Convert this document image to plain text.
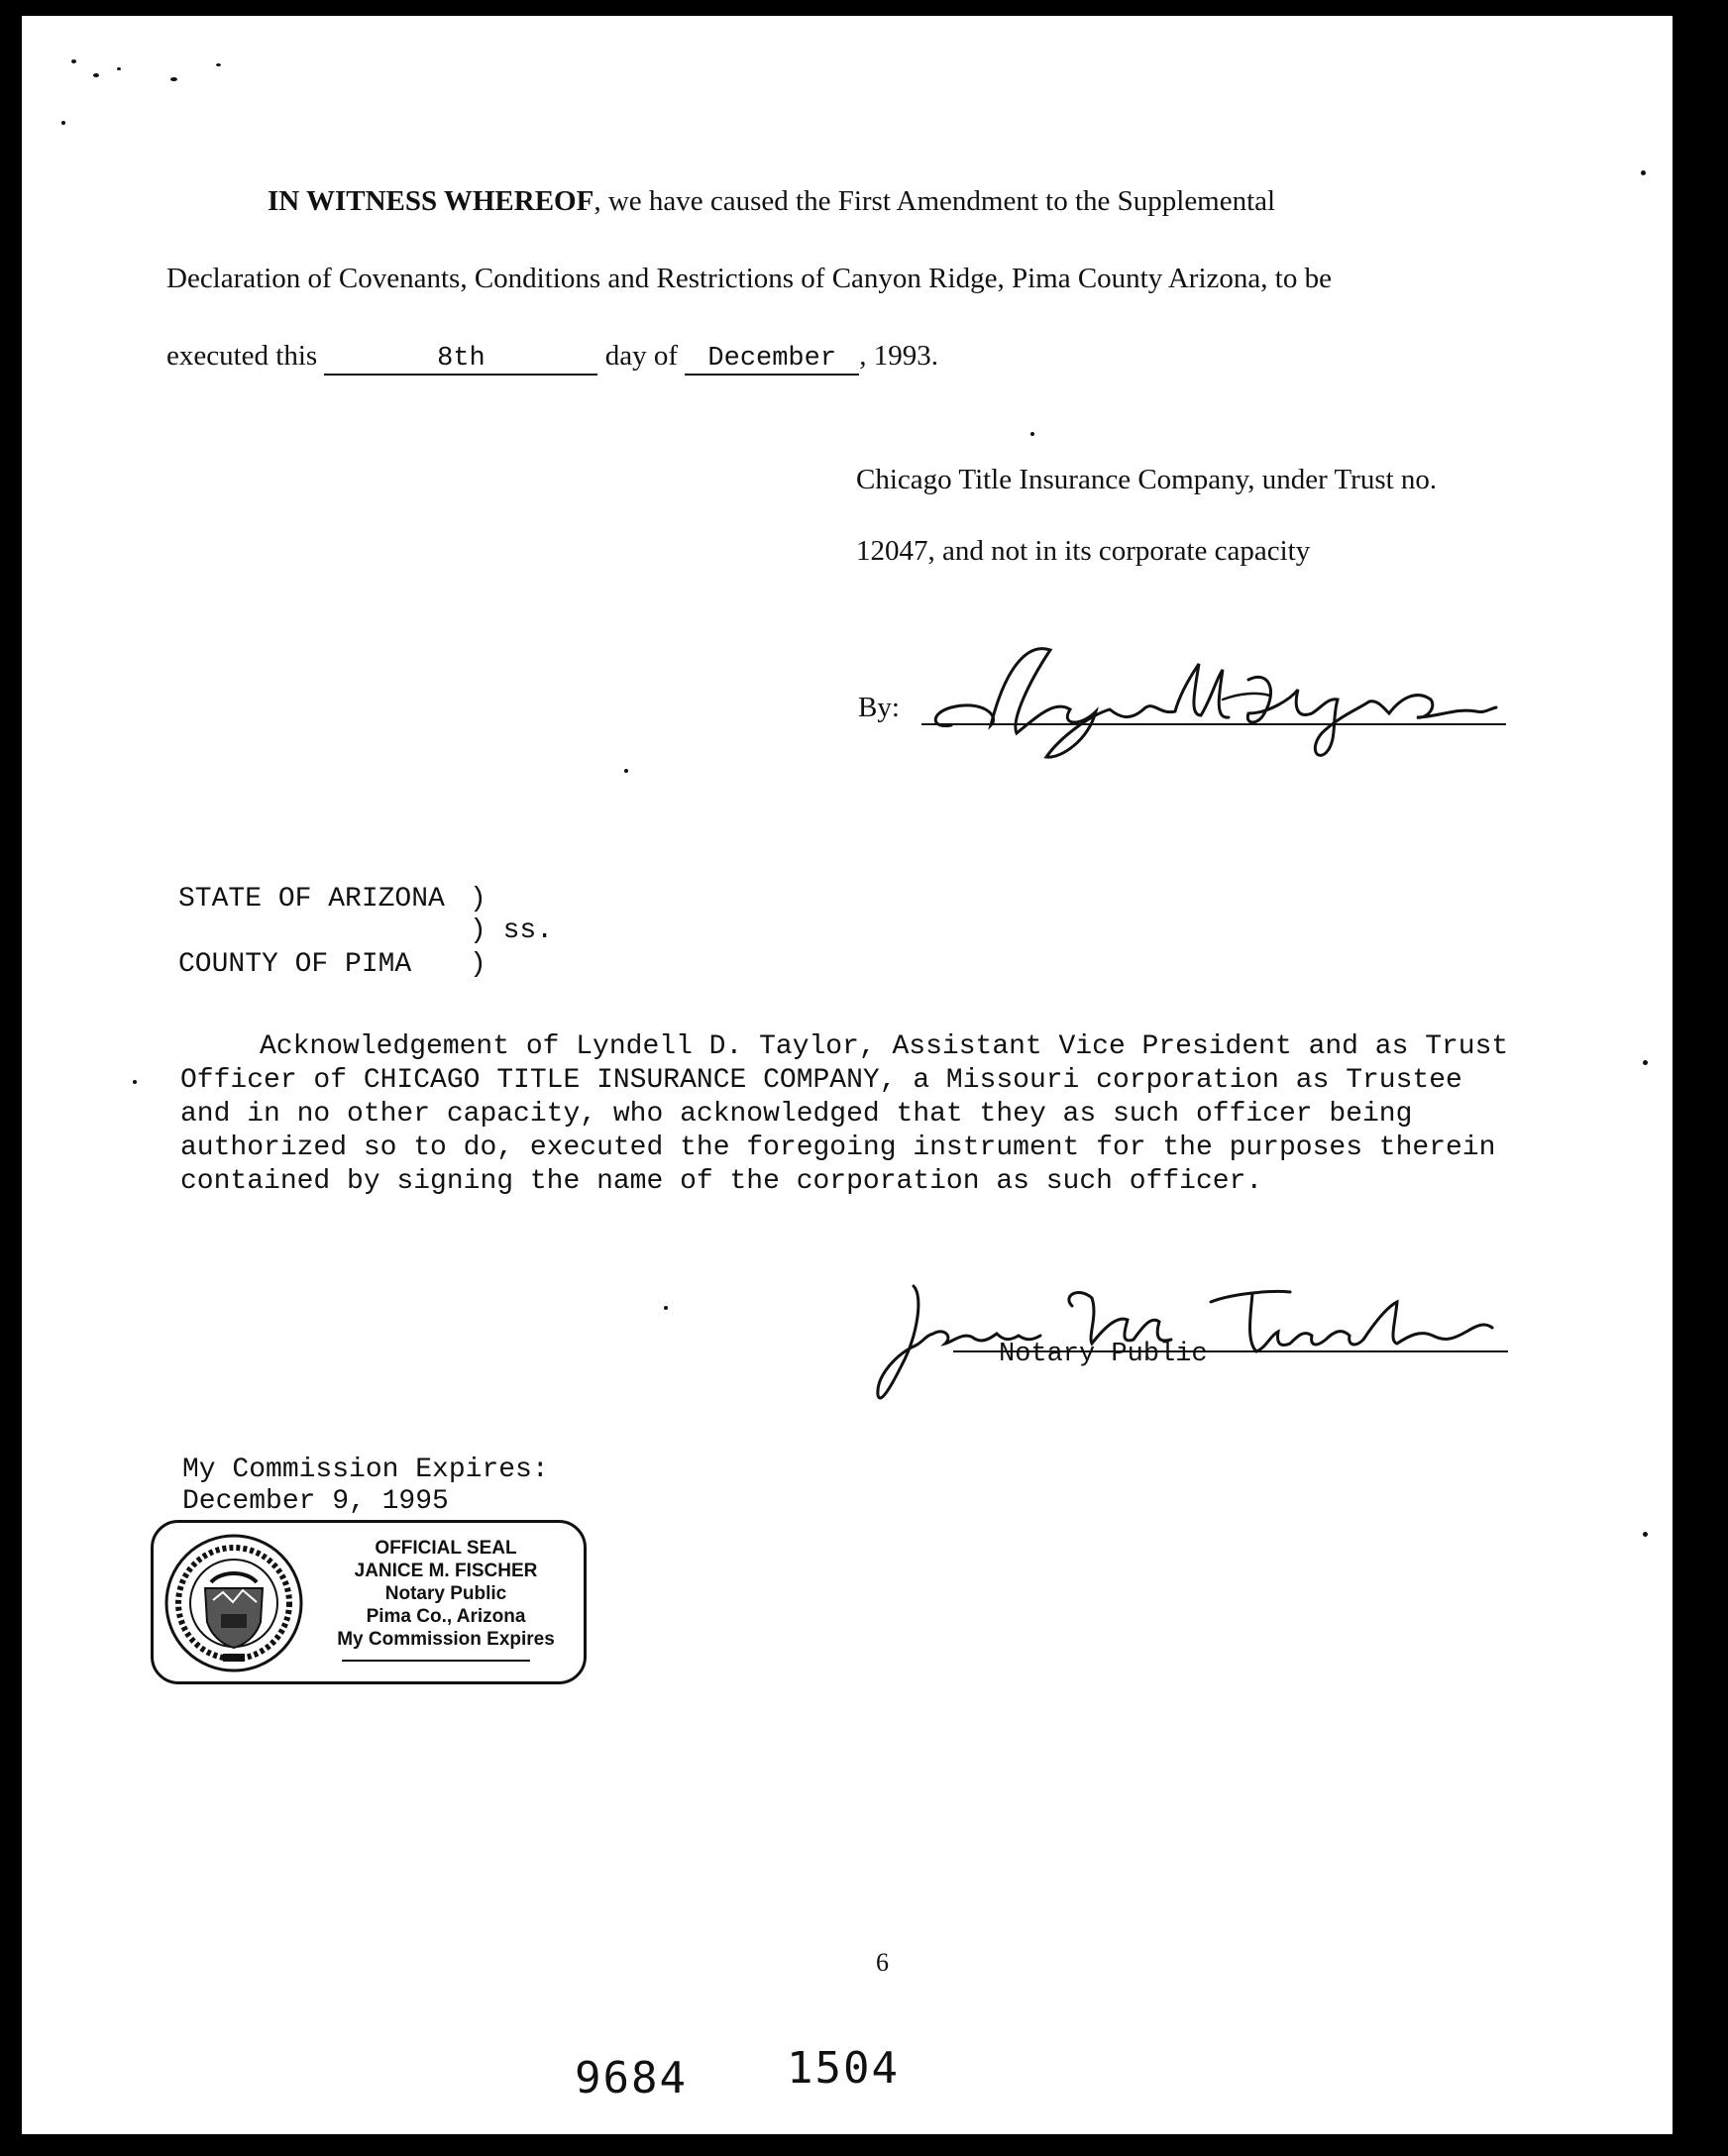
IN WITNESS WHEREOF, we have caused the First Amendment to the Supplemental
Declaration of Covenants, Conditions and Restrictions of Canyon Ridge, Pima County Arizona, to be
executed this	8th	day of December , 1993.
Chicago Title Insurance Company, under Trust no.
12047, and not in its corporate capacity
By:
STATE OF ARIZONA )
) ss.
COUNTY OF PIMA )
Acknowledgement of Lyndell D. Taylor, Assistant Vice President and as Trust Officer of CHICAGO TITLE INSURANCE COMPANY, a Missouri corporation as Trustee and in no other capacity, who acknowledged that they as such officer being authorized so to do, executed the foregoing instrument for the purposes therein contained by signing the name of the corporation as such officer.
Notary Public
My Commission Expires:
December 9, 1995
OFFICIAL SEAL
JANICE M. FISCHER
Notary Public
Pima Co., Arizona
My Commission Expires
6
9684 1504
